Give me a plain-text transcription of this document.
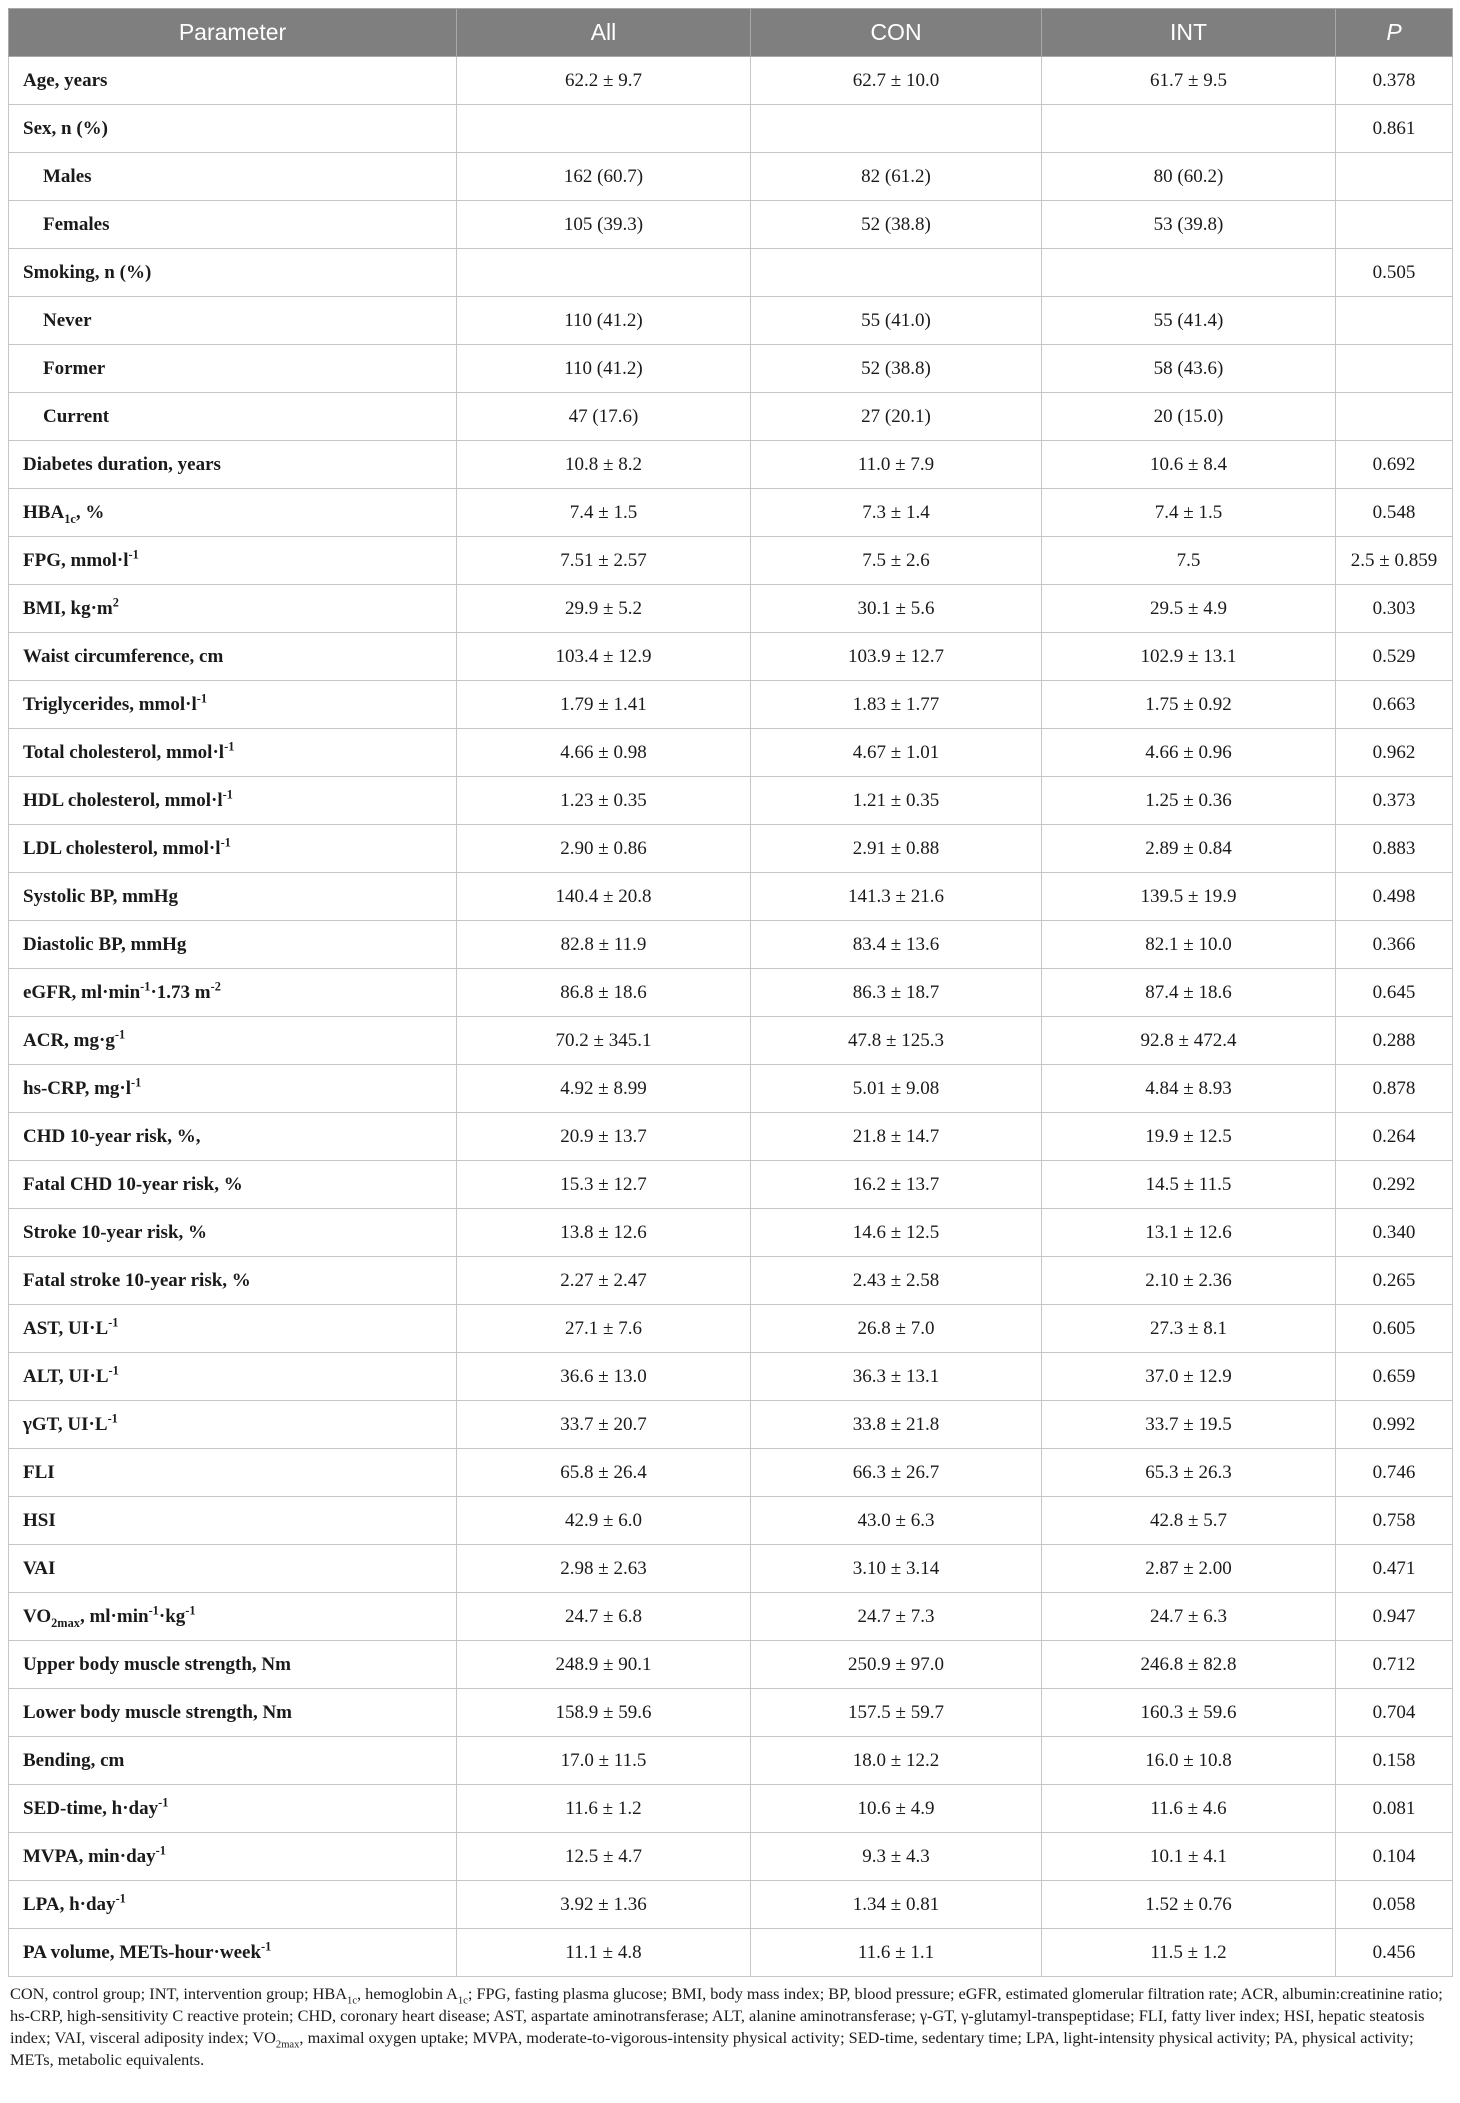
Parameter	All	CON	INT	P
Age, years	62.2 ± 9.7	62.7 ± 10.0	61.7 ± 9.5	0.378
Sex, n (%)				0.861
Males	162 (60.7)	82 (61.2)	80 (60.2)	
Females	105 (39.3)	52 (38.8)	53 (39.8)	
Smoking, n (%)				0.505
Never	110 (41.2)	55 (41.0)	55 (41.4)	
Former	110 (41.2)	52 (38.8)	58 (43.6)	
Current	47 (17.6)	27 (20.1)	20 (15.0)	
Diabetes duration, years	10.8 ± 8.2	11.0 ± 7.9	10.6 ± 8.4	0.692
$HBA_{1c}$, %	7.4 ± 1.5	7.3 ± 1.4	7.4 ± 1.5	0.548
FPG, $mmol\cdot l^{-1}$	7.51 ± 2.57	7.5 ± 2.6	7.5	2.5 ± 0.859
BMI, $kg\cdot m^2$	29.9 ± 5.2	30.1 ± 5.6	29.5 ± 4.9	0.303
Waist circumference, cm	103.4 ± 12.9	103.9 ± 12.7	102.9 ± 13.1	0.529
Triglycerides, $mmol\cdot l^{-1}$	1.79 ± 1.41	1.83 ± 1.77	1.75 ± 0.92	0.663
Total cholesterol, $mmol\cdot l^{-1}$	4.66 ± 0.98	4.67 ± 1.01	4.66 ± 0.96	0.962
HDL cholesterol, $mmol\cdot l^{-1}$	1.23 ± 0.35	1.21 ± 0.35	1.25 ± 0.36	0.373
LDL cholesterol, $mmol\cdot l^{-1}$	2.90 ± 0.86	2.91 ± 0.88	2.89 ± 0.84	0.883
Systolic BP, mmHg	140.4 ± 20.8	141.3 ± 21.6	139.5 ± 19.9	0.498
Diastolic BP, mmHg	82.8 ± 11.9	83.4 ± 13.6	82.1 ± 10.0	0.366
eGFR, $ml\cdot\min^{-1}\cdot 1.73$ $m^{-2}$	86.8 ± 18.6	86.3 ± 18.7	87.4 ± 18.6	0.645
ACR, $mg\cdot g^{-1}$	70.2 ± 345.1	47.8 ± 125.3	92.8 ± 472.4	0.288
hs-CRP, $mg\cdot l^{-1}$	4.92 ± 8.99	5.01 ± 9.08	4.84 ± 8.93	0.878
CHD 10-year risk, %,	20.9 ± 13.7	21.8 ± 14.7	19.9 ± 12.5	0.264
Fatal CHD 10-year risk, %	15.3 ± 12.7	16.2 ± 13.7	14.5 ± 11.5	0.292
Stroke 10-year risk, %	13.8 ± 12.6	14.6 ± 12.5	13.1 ± 12.6	0.340
Fatal stroke 10-year risk, %	2.27 ± 2.47	2.43 ± 2.58	2.10 ± 2.36	0.265
AST, $UI\cdot L^{-1}$	27.1 ± 7.6	26.8 ± 7.0	27.3 ± 8.1	0.605
ALT, $UI\cdot L^{-1}$	36.6 ± 13.0	36.3 ± 13.1	37.0 ± 12.9	0.659
γGT, $UI\cdot L^{-1}$	33.7 ± 20.7	33.8 ± 21.8	33.7 ± 19.5	0.992
FLI	65.8 ± 26.4	66.3 ± 26.7	65.3 ± 26.3	0.746
HSI	42.9 ± 6.0	43.0 ± 6.3	42.8 ± 5.7	0.758
VAI	2.98 ± 2.63	3.10 ± 3.14	2.87 ± 2.00	0.471
$VO_{2max}$, $ml\cdot\min^{-1}\cdot kg^{-1}$	24.7 ± 6.8	24.7 ± 7.3	24.7 ± 6.3	0.947
Upper body muscle strength, Nm	248.9 ± 90.1	250.9 ± 97.0	246.8 ± 82.8	0.712
Lower body muscle strength, Nm	158.9 ± 59.6	157.5 ± 59.7	160.3 ± 59.6	0.704
Bending, cm	17.0 ± 11.5	18.0 ± 12.2	16.0 ± 10.8	0.158
SED-time, h·day$^{-1}$	11.6 ± 1.2	10.6 ± 4.9	11.6 ± 4.6	0.081
MVPA, min·day$^{-1}$	12.5 ± 4.7	9.3 ± 4.3	10.1 ± 4.1	0.104
LPA, h·day$^{-1}$	3.92 ± 1.36	1.34 ± 0.81	1.52 ± 0.76	0.058
PA volume, METs-hour·week$^{-1}$	11.1 ± 4.8	11.6 ± 1.1	11.5 ± 1.2	0.456
CON, control group; INT, intervention group; $HBA_{1c}$, hemoglobin $A_{1c}$; FPG, fasting plasma glucose; BMI, body mass index; BP, blood pressure; eGFR, estimated glomerular filtration rate; ACR, albumin:creatinine ratio; hs-CRP, high-sensitivity C reactive protein; CHD, coronary heart disease; AST, aspartate aminotransferase; ALT, alanine aminotransferase; γ-GT, γ-glutamyl-transpeptidase; FLI, fatty liver index; HSI, hepatic steatosis index; VAI, visceral adiposity index; $VO_{2max}$, maximal oxygen uptake; MVPA, moderate-to-vigorous-intensity physical activity; SED-time, sedentary time; LPA, light-intensity physical activity; PA, physical activity; METs, metabolic equivalents.
